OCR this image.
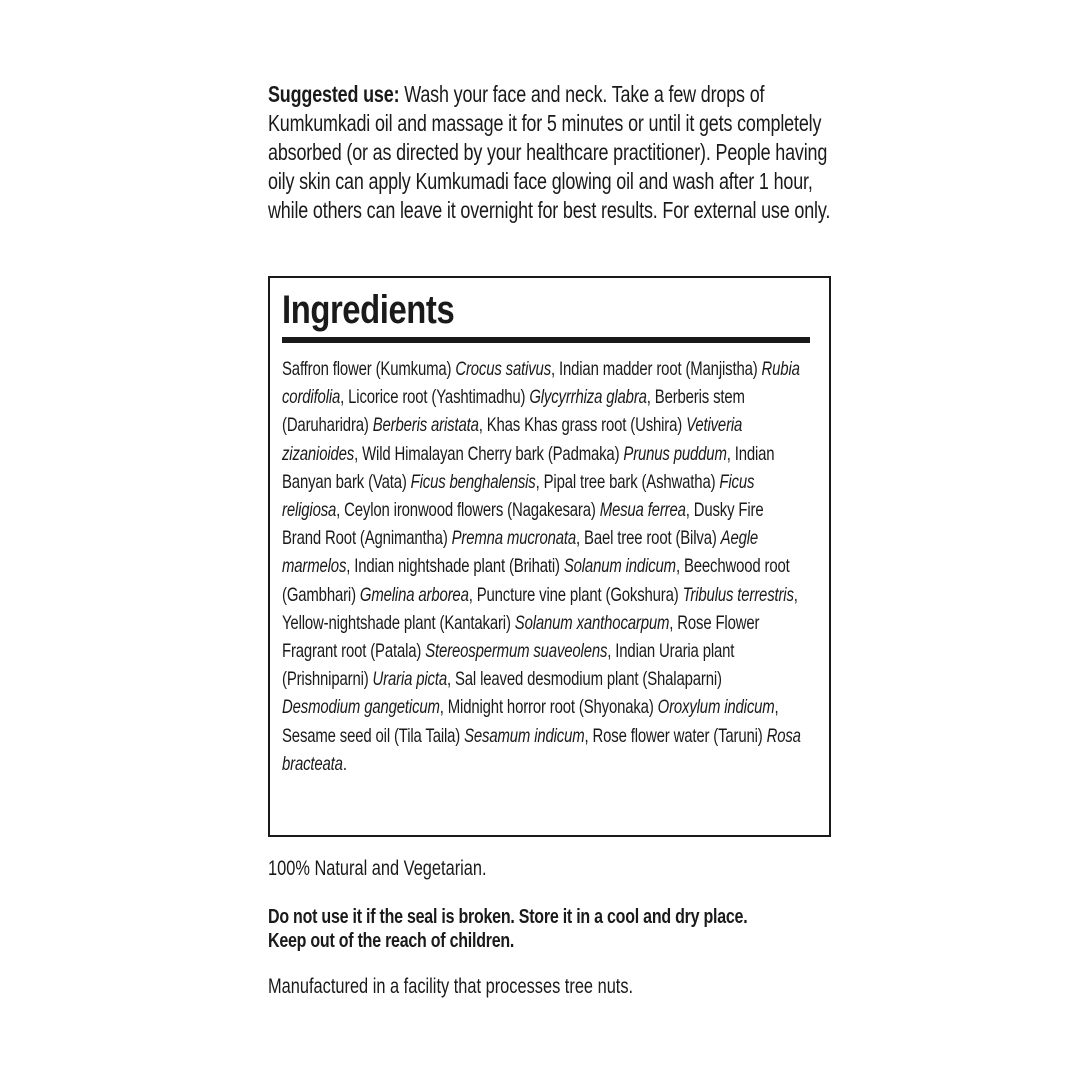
Suggested use: Wash your face and neck. Take a few drops of Kumkumkadi oil and massage it for 5 minutes or until it gets completely absorbed (or as directed by your healthcare practitioner). People having oily skin can apply Kumkumadi face glowing oil and wash after 1 hour, while others can leave it overnight for best results. For external use only.
Ingredients
Saffron flower (Kumkuma) Crocus sativus, Indian madder root (Manjistha) Rubia cordifolia, Licorice root (Yashtimadhu) Glycyrrhiza glabra, Berberis stem (Daruharidra) Berberis aristata, Khas Khas grass root (Ushira) Vetiveria zizanioides, Wild Himalayan Cherry bark (Padmaka) Prunus puddum, Indian Banyan bark (Vata) Ficus benghalensis, Pipal tree bark (Ashwatha) Ficus religiosa, Ceylon ironwood flowers (Nagakesara) Mesua ferrea, Dusky Fire Brand Root (Agnimantha) Premna mucronata, Bael tree root (Bilva) Aegle marmelos, Indian nightshade plant (Brihati) Solanum indicum, Beechwood root (Gambhari) Gmelina arborea, Puncture vine plant (Gokshura) Tribulus terrestris, Yellow-nightshade plant (Kantakari) Solanum xanthocarpum, Rose Flower Fragrant root (Patala) Stereospermum suaveolens, Indian Uraria plant (Prishniparni) Uraria picta, Sal leaved desmodium plant (Shalaparni) Desmodium gangeticum, Midnight horror root (Shyonaka) Oroxylum indicum, Sesame seed oil (Tila Taila) Sesamum indicum, Rose flower water (Taruni) Rosa bracteata.
100% Natural and Vegetarian.
Do not use it if the seal is broken. Store it in a cool and dry place.
Keep out of the reach of children.
Manufactured in a facility that processes tree nuts.
